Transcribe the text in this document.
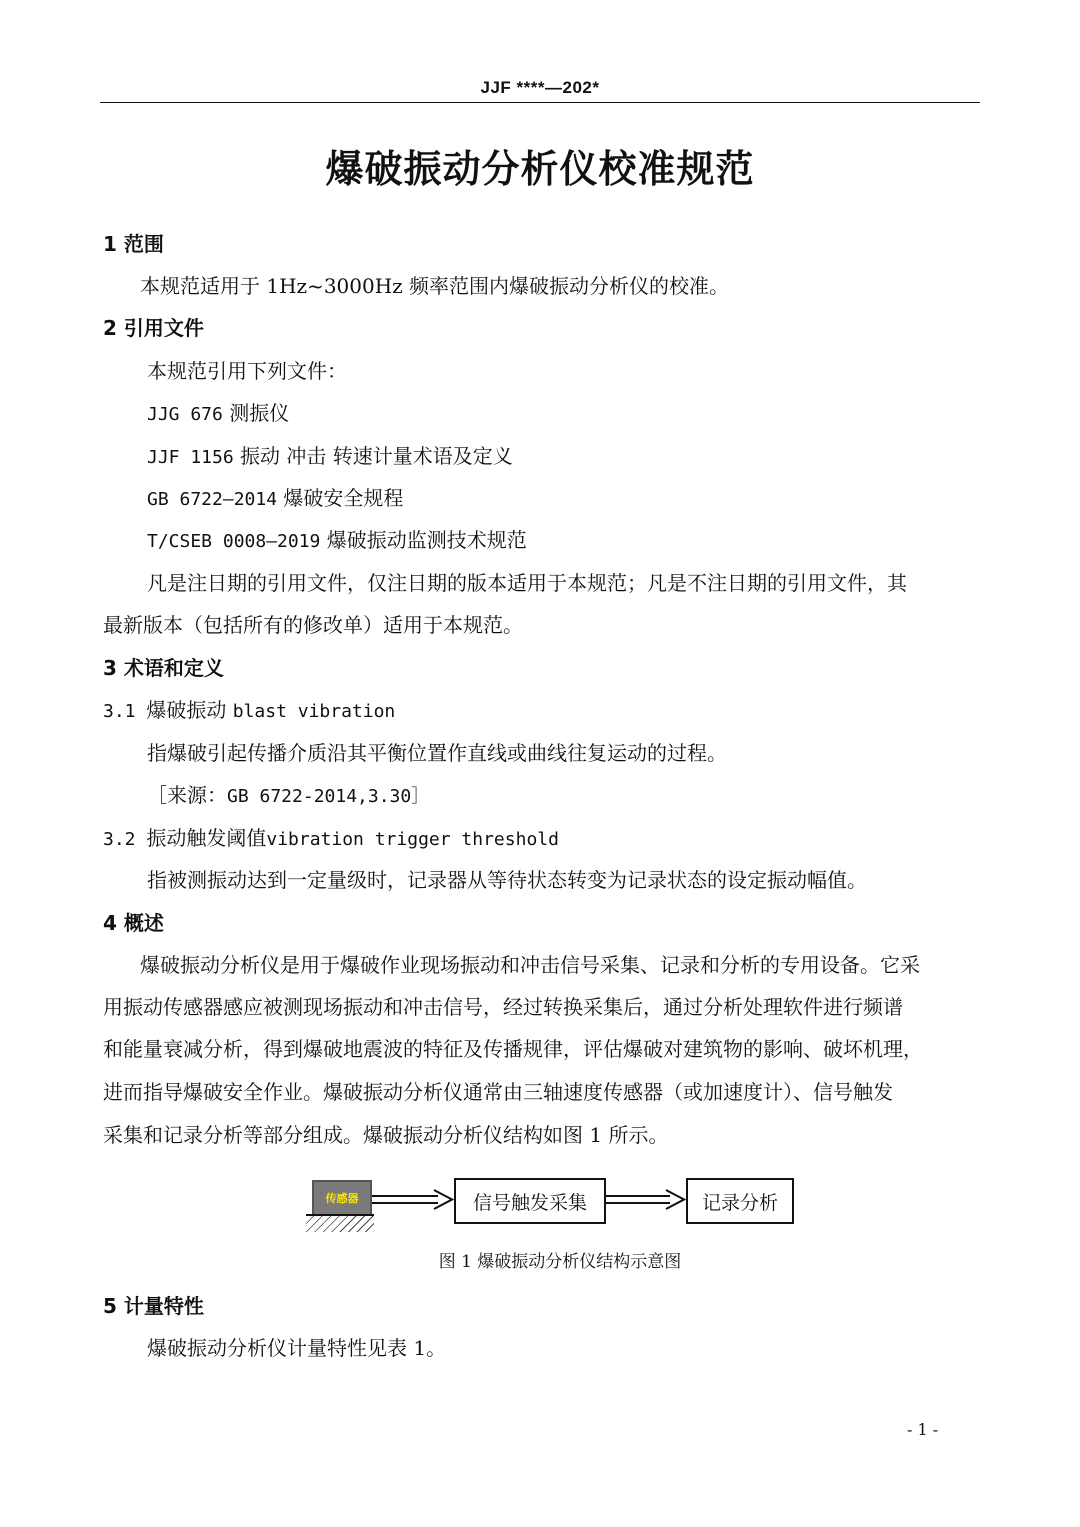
JJF ****—202*
爆破振动分析仪校准规范
1 范围
本规范适用于 1Hz~3000Hz 频率范围内爆破振动分析仪的校准。
2 引用文件
本规范引用下列文件：
JJG 676 测振仪
JJF 1156 振动 冲击 转速计量术语及定义
GB 6722—2014 爆破安全规程
T/CSEB 0008—2019 爆破振动监测技术规范
凡是注日期的引用文件，仅注日期的版本适用于本规范；凡是不注日期的引用文件，其
最新版本（包括所有的修改单）适用于本规范。
3 术语和定义
3.1 爆破振动 blast vibration
指爆破引起传播介质沿其平衡位置作直线或曲线往复运动的过程。
［来源：GB 6722-2014,3.30］
3.2 振动触发阈值vibration trigger threshold
指被测振动达到一定量级时，记录器从等待状态转变为记录状态的设定振动幅值。
4 概述
爆破振动分析仪是用于爆破作业现场振动和冲击信号采集、记录和分析的专用设备。它采
用振动传感器感应被测现场振动和冲击信号，经过转换采集后，通过分析处理软件进行频谱
和能量衰减分析，得到爆破地震波的特征及传播规律，评估爆破对建筑物的影响、破坏机理，
进而指导爆破安全作业。爆破振动分析仪通常由三轴速度传感器（或加速度计）、信号触发
采集和记录分析等部分组成。爆破振动分析仪结构如图 1 所示。
传感器	信号触发采集	记录分析
图 1 爆破振动分析仪结构示意图
5 计量特性
爆破振动分析仪计量特性见表 1。
- 1 -
